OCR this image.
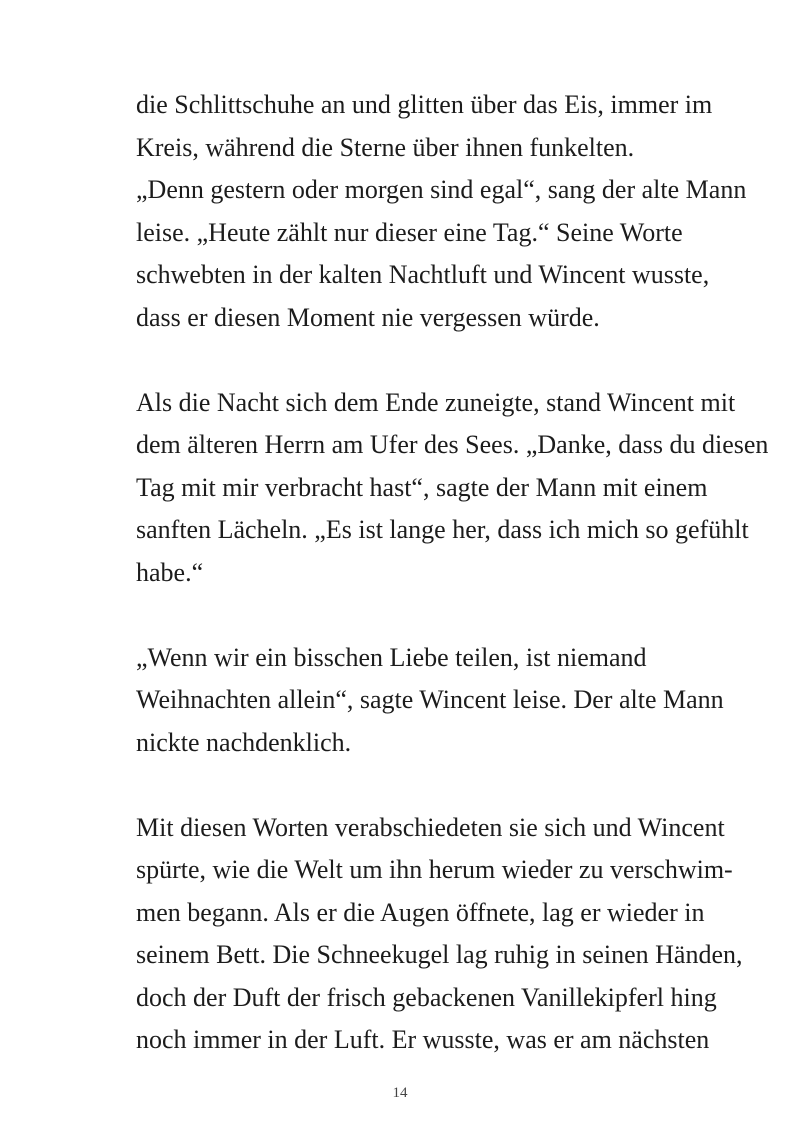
die Schlittschuhe an und glitten über das Eis, immer im
Kreis, während die Sterne über ihnen funkelten.
„Denn gestern oder morgen sind egal“, sang der alte Mann
leise. „Heute zählt nur dieser eine Tag.“ Seine Worte
schwebten in der kalten Nachtluft und Wincent wusste,
dass er diesen Moment nie vergessen würde.
Als die Nacht sich dem Ende zuneigte, stand Wincent mit
dem älteren Herrn am Ufer des Sees. „Danke, dass du diesen
Tag mit mir verbracht hast“, sagte der Mann mit einem
sanften Lächeln. „Es ist lange her, dass ich mich so gefühlt
habe.“
„Wenn wir ein bisschen Liebe teilen, ist niemand
Weihnachten allein“, sagte Wincent leise. Der alte Mann
nickte nachdenklich.
Mit diesen Worten verabschiedeten sie sich und Wincent
spürte, wie die Welt um ihn herum wieder zu verschwim-
men begann. Als er die Augen öffnete, lag er wieder in
seinem Bett. Die Schneekugel lag ruhig in seinen Händen,
doch der Duft der frisch gebackenen Vanillekipferl hing
noch immer in der Luft. Er wusste, was er am nächsten
14
